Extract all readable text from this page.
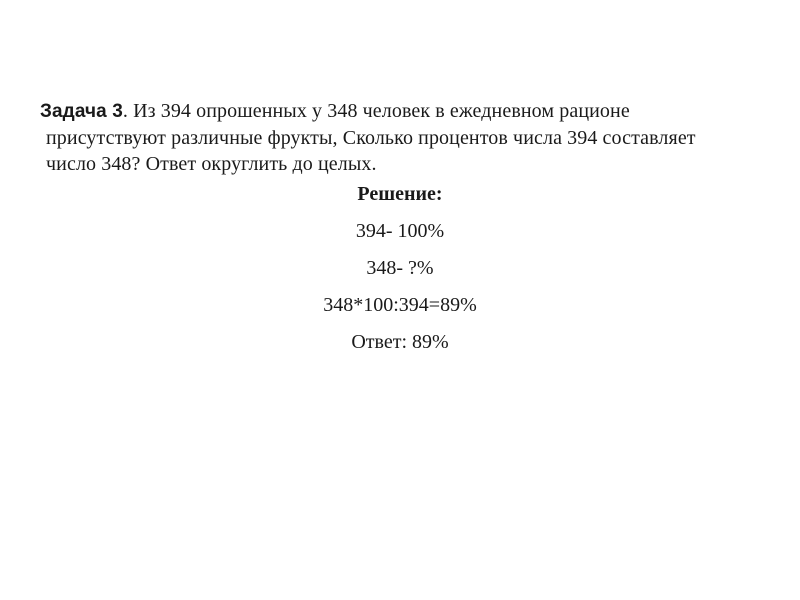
Задача 3. Из 394 опрошенных у 348 человек в ежедневном рационе присутствуют различные фрукты, Сколько процентов числа 394 составляет число 348? Ответ округлить до целых.
Решение:
394- 100%
348- ?%
348*100:394=89%
Ответ: 89%
